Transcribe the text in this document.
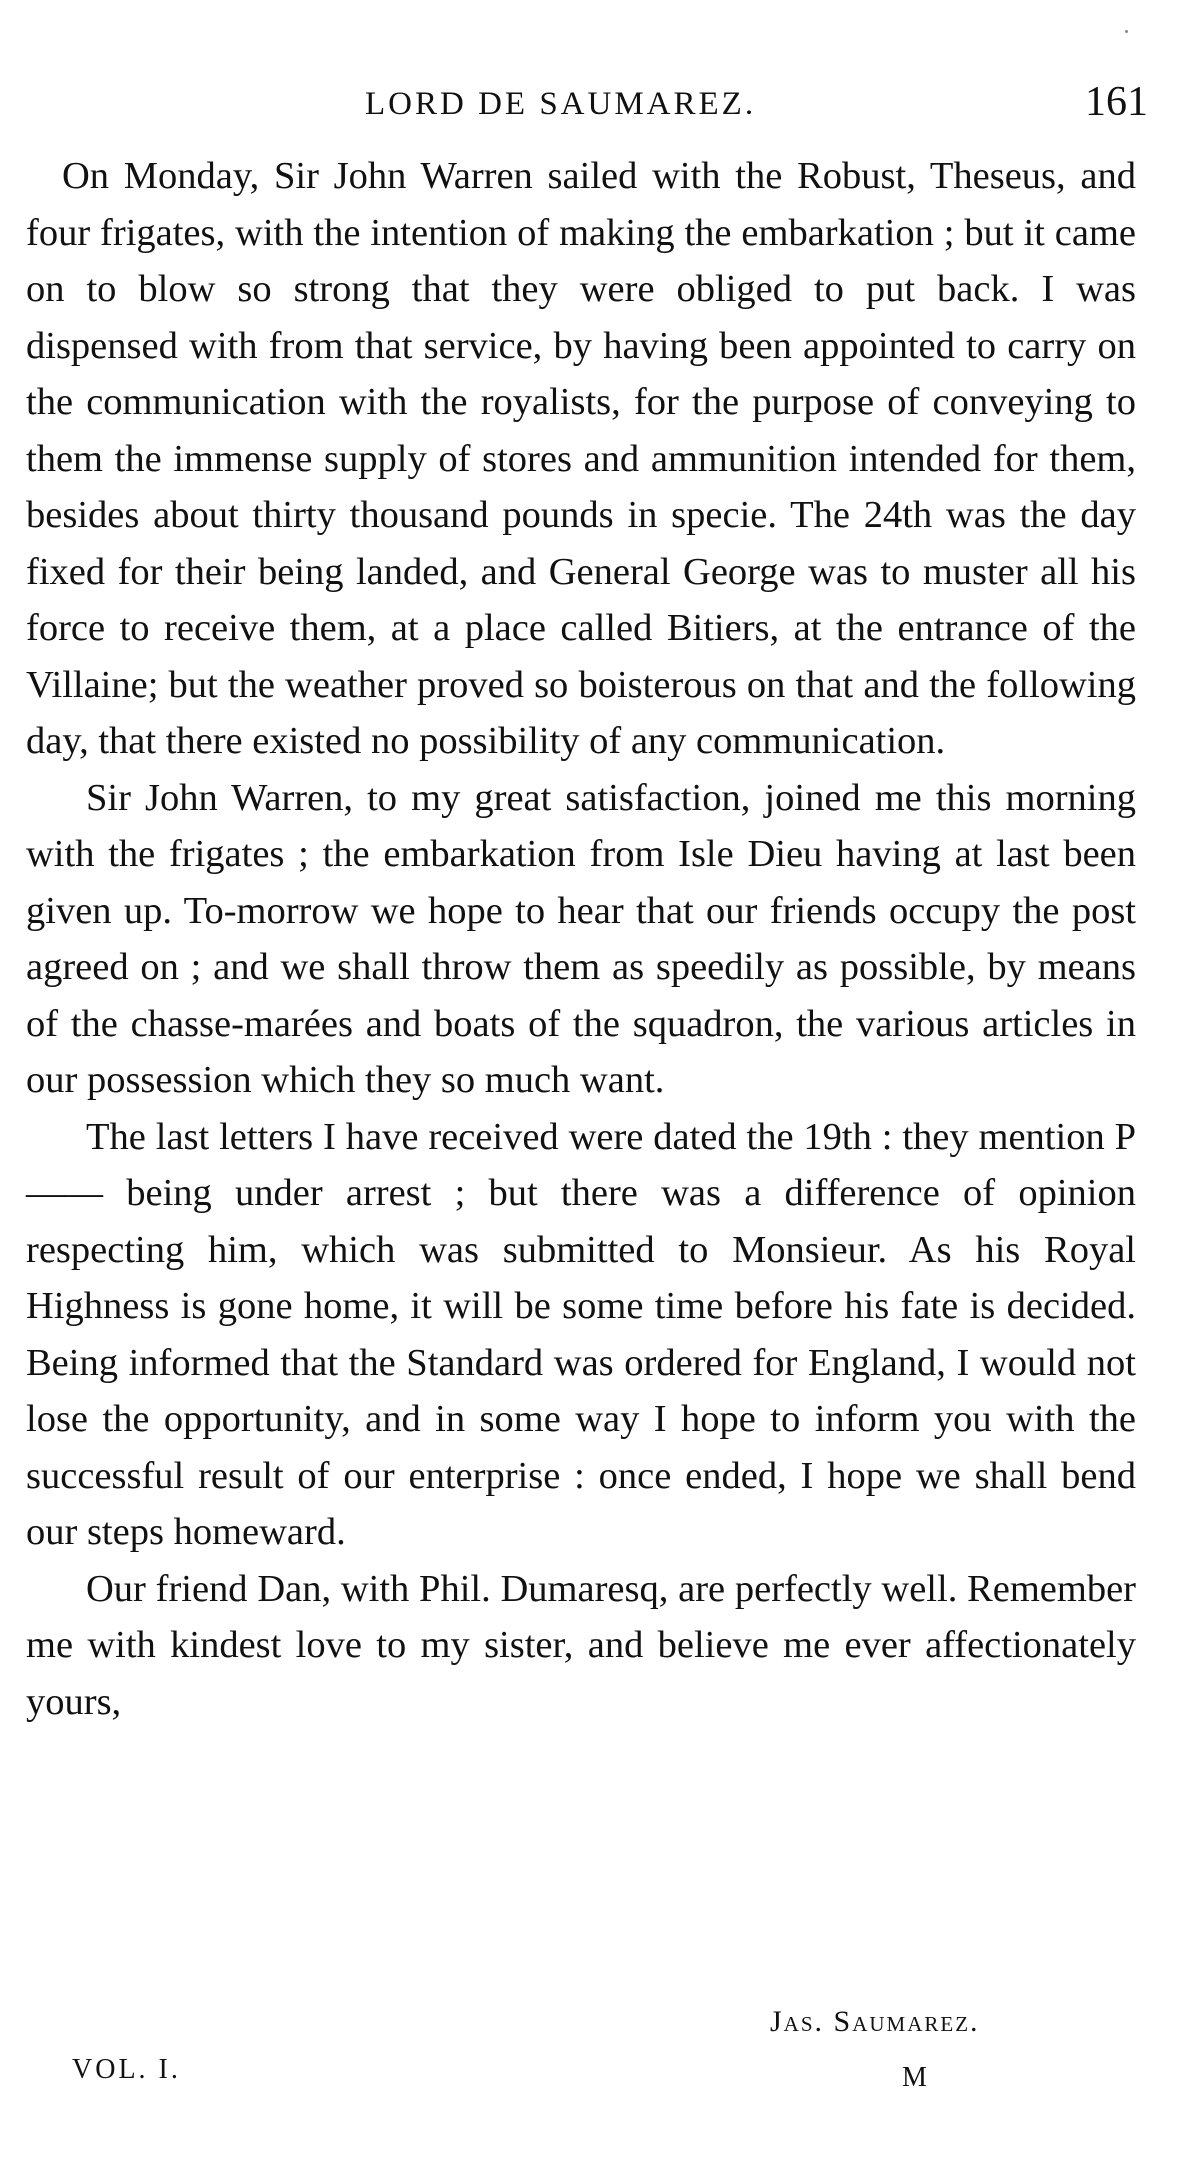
LORD DE SAUMAREZ.	161

On Monday, Sir John Warren sailed with the Robust, Theseus, and four frigates, with the intention of making the embarkation ; but it came on to blow so strong that they were obliged to put back. I was dispensed with from that service, by having been appointed to carry on the communication with the royalists, for the purpose of conveying to them the immense supply of stores and ammunition intended for them, besides about thirty thousand pounds in specie. The 24th was the day fixed for their being landed, and General George was to muster all his force to receive them, at a place called Bitiers, at the entrance of the Villaine; but the weather proved so boisterous on that and the following day, that there existed no possibility of any communication.

Sir John Warren, to my great satisfaction, joined me this morning with the frigates ; the embarkation from Isle Dieu having at last been given up. To-morrow we hope to hear that our friends occupy the post agreed on ; and we shall throw them as speedily as possible, by means of the chasse-marées and boats of the squadron, the various articles in our possession which they so much want.

The last letters I have received were dated the 19th : they mention P—— being under arrest ; but there was a difference of opinion respecting him, which was submitted to Monsieur. As his Royal Highness is gone home, it will be some time before his fate is decided. Being informed that the Standard was ordered for England, I would not lose the opportunity, and in some way I hope to inform you with the successful result of our enterprise : once ended, I hope we shall bend our steps homeward.

Our friend Dan, with Phil. Dumaresq, are perfectly well. Remember me with kindest love to my sister, and believe me ever affectionately yours,

Jas. Saumarez.
VOL. I.	M
